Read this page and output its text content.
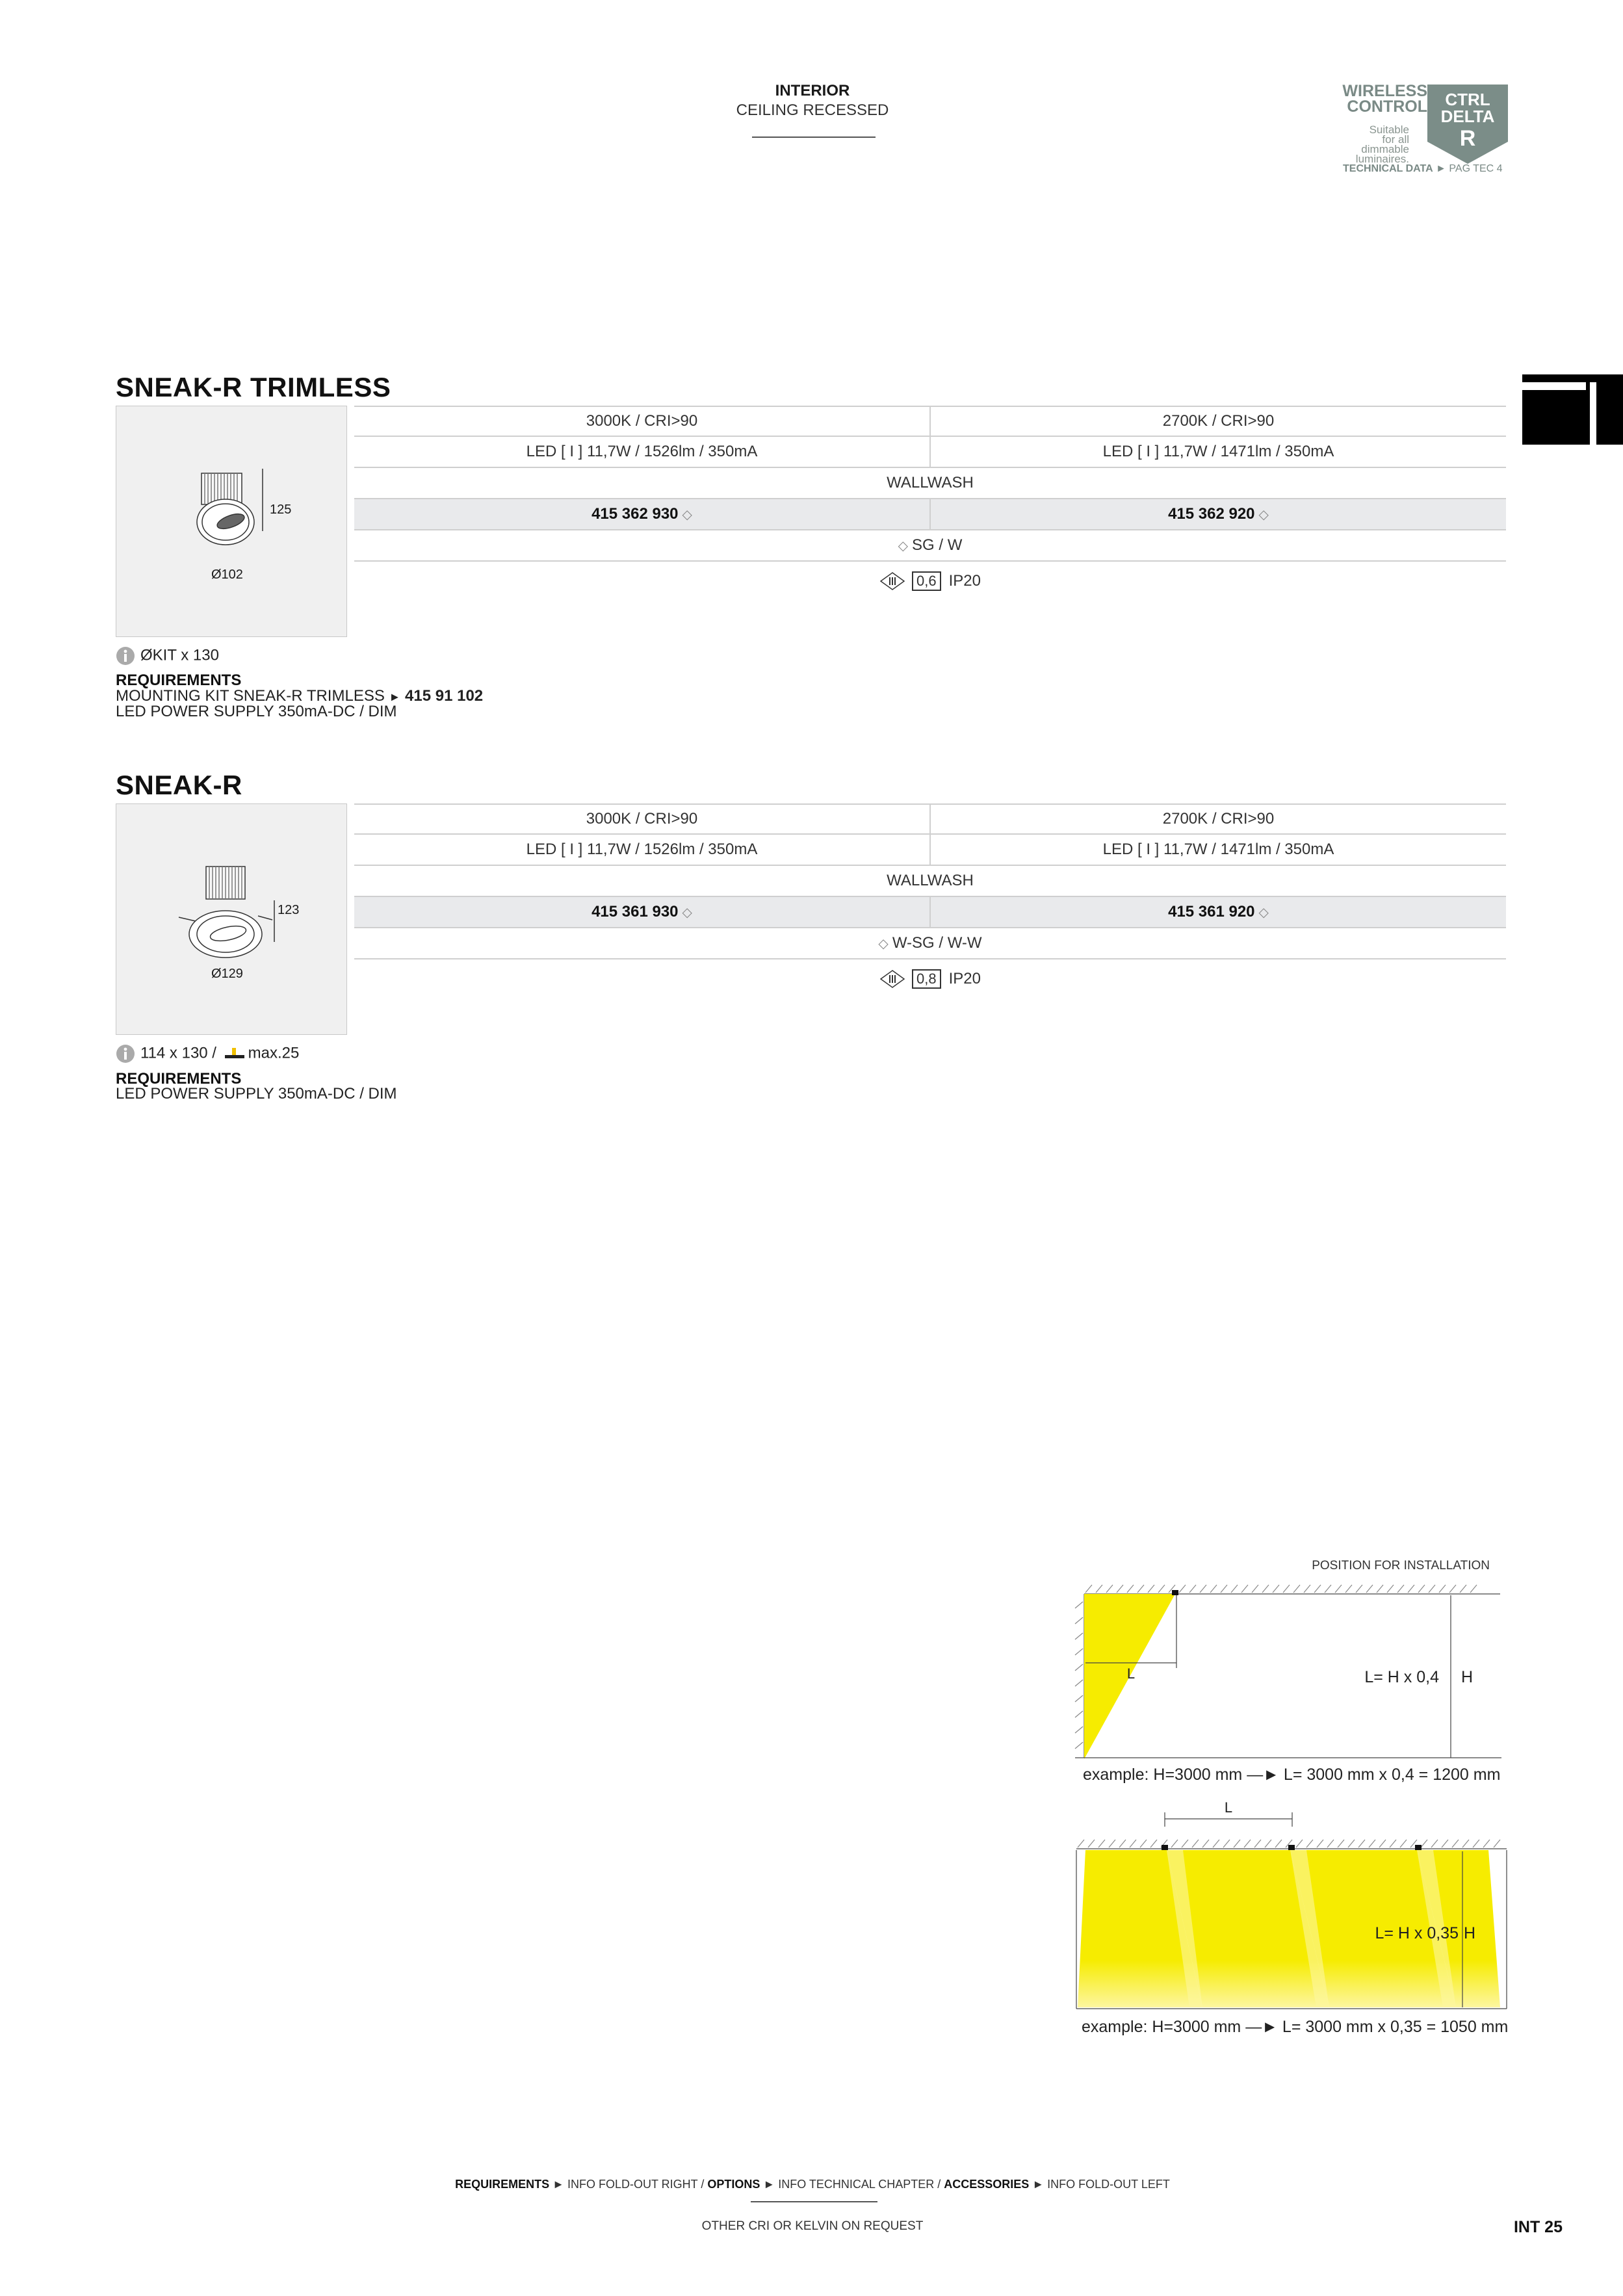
INTERIOR
CEILING RECESSED
WIRELESS
CONTROL
Suitable
for all
dimmable
luminaires.
CTRL
DELTA
R
TECHNICAL DATA ► PAG TEC 4
SNEAK-R TRIMLESS
125
Ø102
3000K / CRI>90	2700K / CRI>90
LED [ I ] 11,7W / 1526lm / 350mA	LED [ I ] 11,7W / 1471lm / 350mA
WALLWASH
415 362 930 ◇	415 362 920 ◇
◇ SG / W
0,6 IP20
ØKIT x 130
REQUIREMENTS
MOUNTING KIT SNEAK-R TRIMLESS ► 415 91 102
LED POWER SUPPLY 350mA-DC / DIM
SNEAK-R
123
Ø129
3000K / CRI>90	2700K / CRI>90
LED [ I ] 11,7W / 1526lm / 350mA	LED [ I ] 11,7W / 1471lm / 350mA
WALLWASH
415 361 930 ◇	415 361 920 ◇
◇ W-SG / W-W
0,8 IP20
114 x 130 / max.25
REQUIREMENTS
LED POWER SUPPLY 350mA-DC / DIM
POSITION FOR INSTALLATION
L	L= H x 0,4 H
example: H=3000 mm —► L= 3000 mm x 0,4 = 1200 mm
L
L= H x 0,35 H
example: H=3000 mm —► L= 3000 mm x 0,35 = 1050 mm
REQUIREMENTS ► INFO FOLD-OUT RIGHT / OPTIONS ► INFO TECHNICAL CHAPTER / ACCESSORIES ► INFO FOLD-OUT LEFT
OTHER CRI OR KELVIN ON REQUEST	INT 25
